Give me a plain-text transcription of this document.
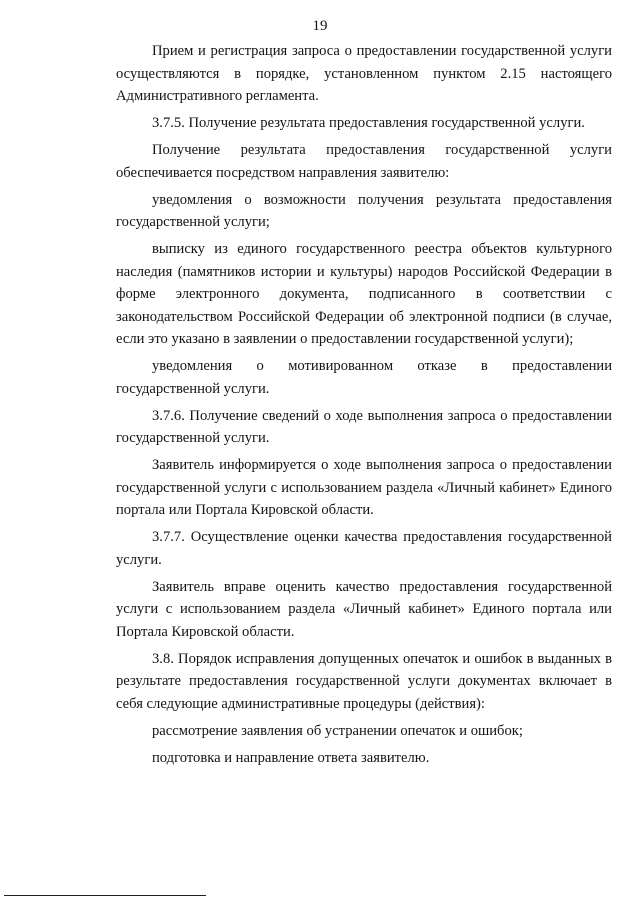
19

Прием и регистрация запроса о предоставлении государственной услуги осуществляются в порядке, установленном пунктом 2.15 настоящего Административного регламента.

3.7.5. Получение результата предоставления государственной услуги.

Получение результата предоставления государственной услуги обеспечивается посредством направления заявителю:

уведомления о возможности получения результата предоставления государственной услуги;

выписку из единого государственного реестра объектов культурного наследия (памятников истории и культуры) народов Российской Федерации в форме электронного документа, подписанного в соответствии с законодательством Российской Федерации об электронной подписи (в случае, если это указано в заявлении о предоставлении государственной услуги);

уведомления о мотивированном отказе в предоставлении государственной услуги.

3.7.6. Получение сведений о ходе выполнения запроса о предоставлении государственной услуги.

Заявитель информируется о ходе выполнения запроса о предоставлении государственной услуги с использованием раздела «Личный кабинет» Единого портала или Портала Кировской области.

3.7.7. Осуществление оценки качества предоставления государственной услуги.

Заявитель вправе оценить качество предоставления государственной услуги с использованием раздела «Личный кабинет» Единого портала или Портала Кировской области.

3.8. Порядок исправления допущенных опечаток и ошибок в выданных в результате предоставления государственной услуги документах включает в себя следующие административные процедуры (действия):

рассмотрение заявления об устранении опечаток и ошибок;

подготовка и направление ответа заявителю.
